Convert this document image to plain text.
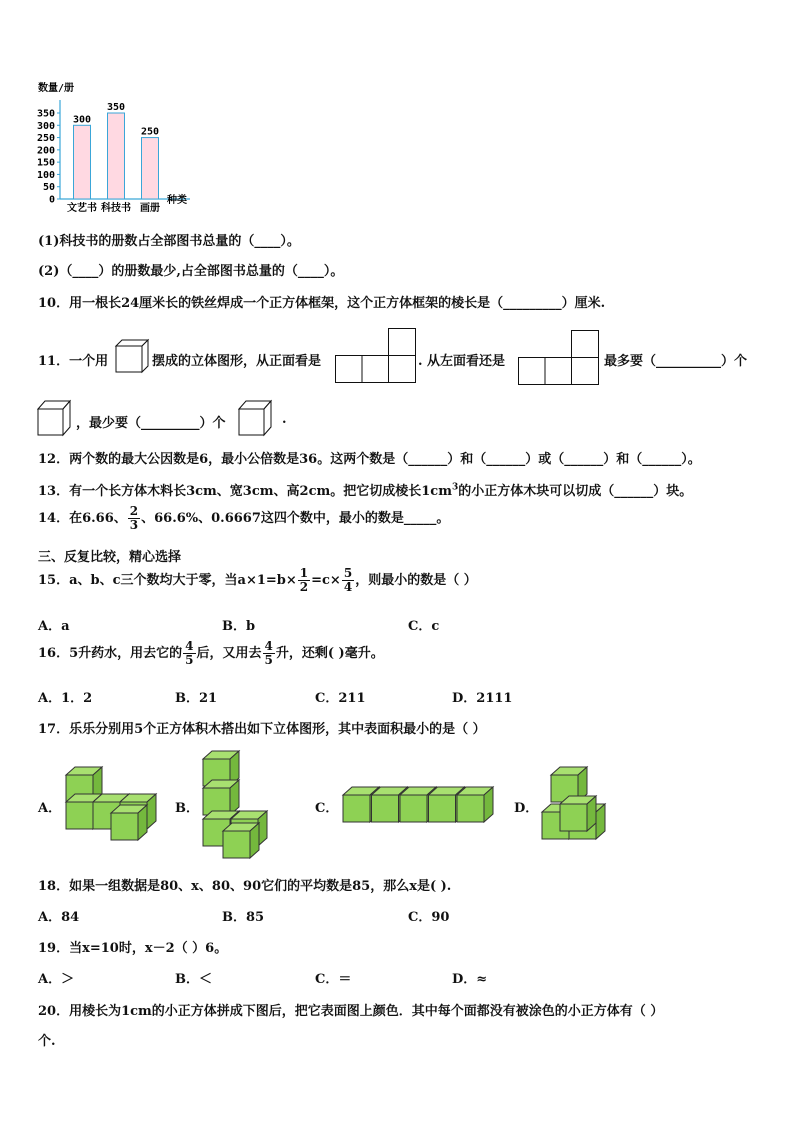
数量/册
0
50
100
150
200
250
300
350
300
文艺书
350
科技书
250
画册
种类
(1)科技书的册数占全部图书总量的（____）。
(2)（____）的册数最少,占全部图书总量的（____）。
10．用一根长24厘米长的铁丝焊成一个正方体框架，这个正方体框架的棱长是（_________）厘米.
11．一个用	摆成的立体图形，从正面看是	. 从左面看还是	最多要（__________）个
，最少要（_________）个	.
12．两个数的最大公因数是6，最小公倍数是36。这两个数是（______）和（______）或（______）和（______）。
13．有一个长方体木料长3cm、宽3cm、高2cm。把它切成棱长$1cm^3$的小正方体木块可以切成（______）块。
14．在6.66、 $\frac{2}{3}$ 、66.6%、0.6667这四个数中，最小的数是_____。
三、反复比较，精心选择
15．a、b、c三个数均大于零，当$a\times 1=b\times \frac{1}{2} =c\times \frac{5}{4}$ ，则最小的数是（ ）
A．a	B．b	C．c
16．5升药水，用去它的 $\frac{4}{5}$ 后，又用去 $\frac{4}{5}$ 升，还剩( )毫升。
A．1．2	B．21	C．211	D．2111
17．乐乐分别用5个正方体积木搭出如下立体图形，其中表面积最小的是（ ）
A．	B．	C．	D．
18．如果一组数据是80、x、80、90它们的平均数是85，那么x是( ).
A．84	B．85	C．90
19．当x=10时，x－2（ ）6。
A．＞	B．＜	C．＝	D．≈
20．用棱长为1cm的小正方体拼成下图后，把它表面图上颜色．其中每个面都没有被涂色的小正方体有（ ）
个.
